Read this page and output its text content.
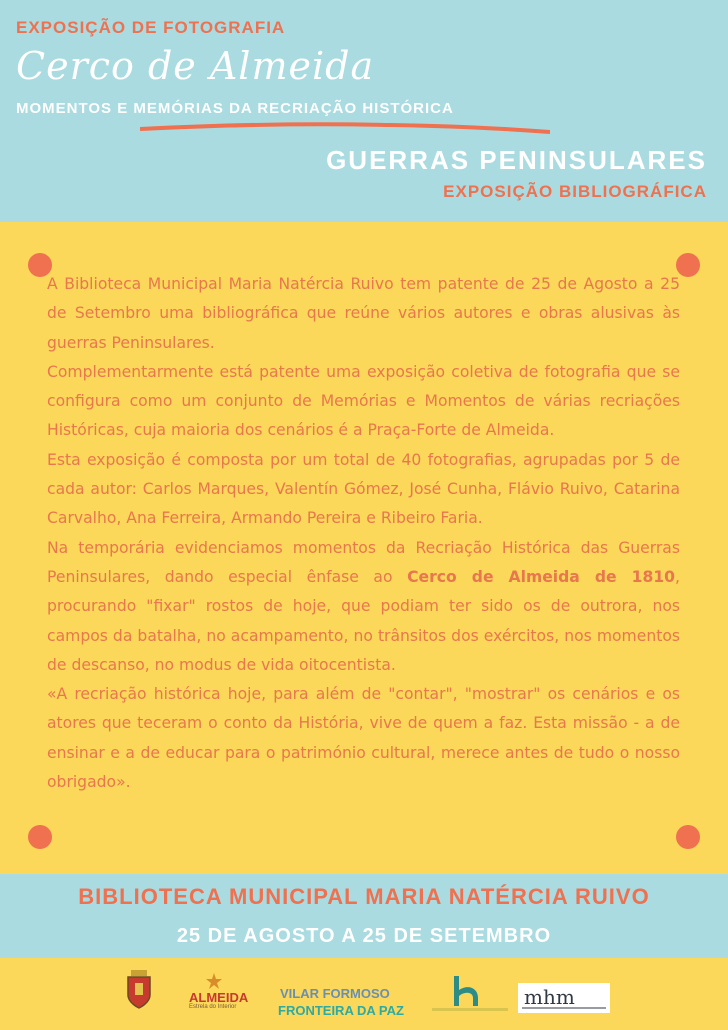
EXPOSIÇÃO DE FOTOGRAFIA
Cerco de Almeida
MOMENTOS E MEMÓRIAS DA RECRIAÇÃO HISTÓRICA
GUERRAS PENINSULARES
EXPOSIÇÃO BIBLIOGRÁFICA

A Biblioteca Municipal Maria Natércia Ruivo tem patente de 25 de Agosto a 25 de Setembro uma bibliográfica que reúne vários autores e obras alusivas às guerras Peninsulares.

Complementarmente está patente uma exposição coletiva de fotografia que se configura como um conjunto de Memórias e Momentos de várias recriações Históricas, cuja maioria dos cenários é a Praça-Forte de Almeida.

Esta exposição é composta por um total de 40 fotografias, agrupadas por 5 de cada autor: Carlos Marques, Valentín Gómez, José Cunha, Flávio Ruivo, Catarina Carvalho, Ana Ferreira, Armando Pereira e Ribeiro Faria.

Na temporária evidenciamos momentos da Recriação Histórica das Guerras Peninsulares, dando especial ênfase ao Cerco de Almeida de 1810, procurando "fixar" rostos de hoje, que podiam ter sido os de outrora, nos campos da batalha, no acampamento, no trânsitos dos exércitos, nos momentos de descanso, no modus de vida oitocentista.

«A recriação histórica hoje, para além de "contar", "mostrar" os cenários e os atores que teceram o conto da História, vive de quem a faz. Esta missão - a de ensinar e a de educar para o património cultural, merece antes de tudo o nosso obrigado».

BIBLIOTECA MUNICIPAL MARIA NATÉRCIA RUIVO
25 DE AGOSTO A 25 DE SETEMBRO
ALMEIDA
Estrela do Interior
VILAR FORMOSO
FRONTEIRA DA PAZ
mhm
